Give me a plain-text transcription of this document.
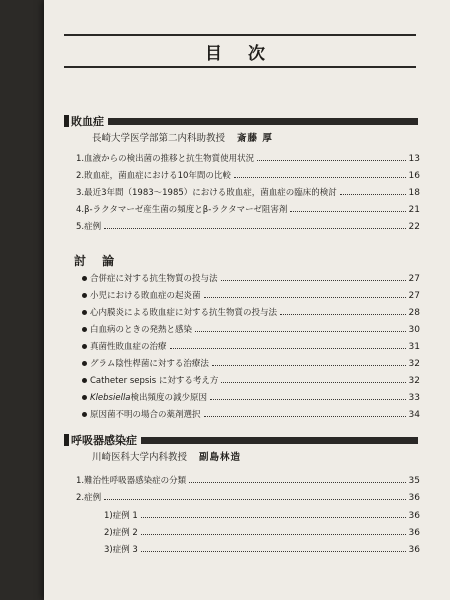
目 次
敗血症
長崎大学医学部第二内科助教授 斎藤 厚
1.血液からの検出菌の推移と抗生物質使用状況	13
2.敗血症，菌血症における10年間の比較	16
3.最近3年間（1983〜1985）における敗血症，菌血症の臨床的検討	18
4.β-ラクタマーゼ産生菌の頻度とβ-ラクタマーゼ阻害剤	21
5.症例	22
討 論
合併症に対する抗生物質の投与法	27
小児における敗血症の起炎菌	27
心内膜炎による敗血症に対する抗生物質の投与法	28
白血病のときの発熱と感染	30
真菌性敗血症の治療	31
グラム陰性桿菌に対する治療法	32
Catheter sepsis に対する考え方	32
Klebsiella検出頻度の減少原因	33
原因菌不明の場合の薬剤選択	34
呼吸器感染症
川崎医科大学内科教授 副島林造
1.難治性呼吸器感染症の分類	35
2.症例	36
1)症例 1	36
2)症例 2	36
3)症例 3	36
